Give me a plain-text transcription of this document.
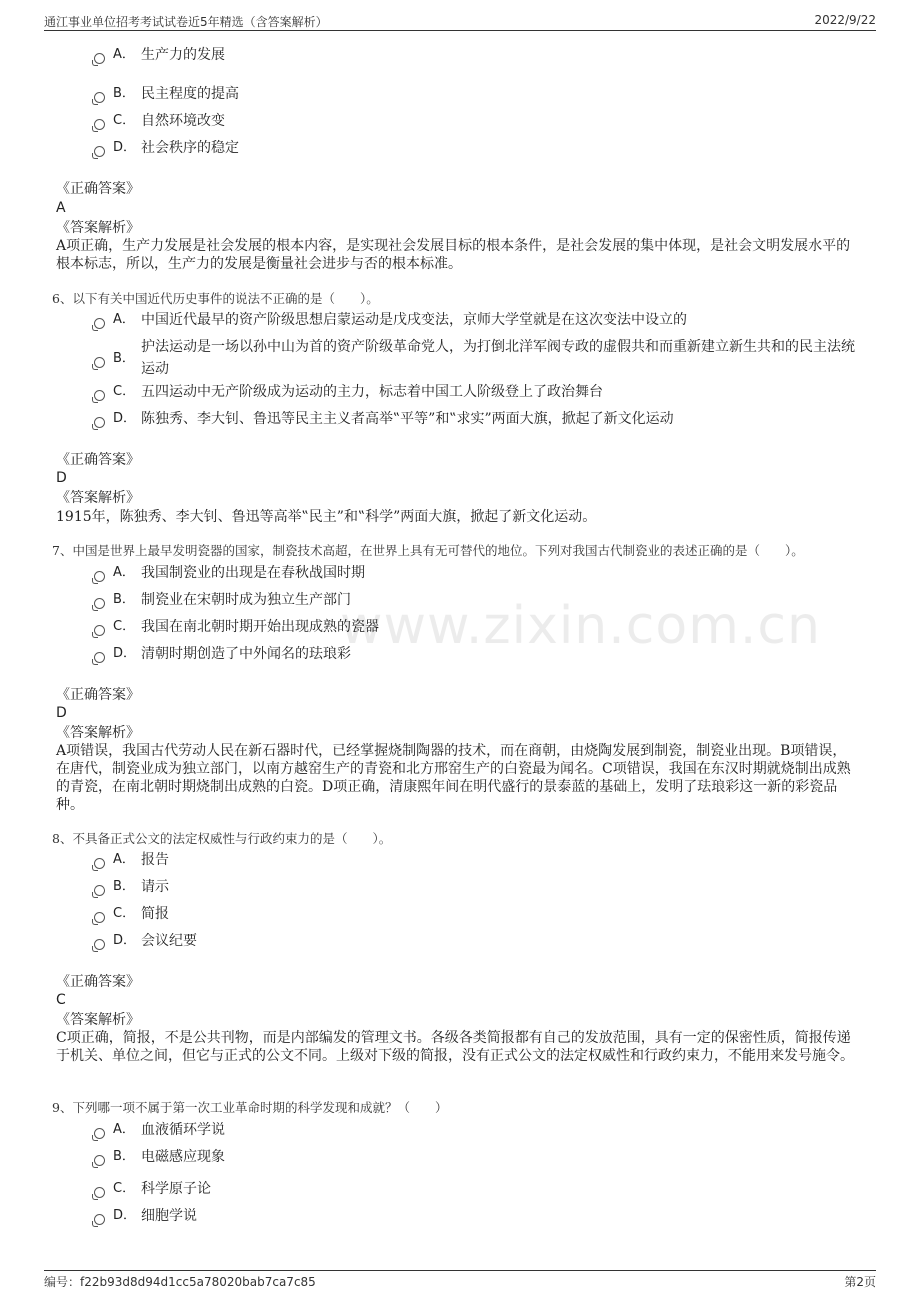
通江事业单位招考考试试卷近5年精选（含答案解析）	2022/9/22
www.zixin.com.cn
A． 生产力的发展
B． 民主程度的提高
C． 自然环境改变
D． 社会秩序的稳定
《正确答案》
A
《答案解析》
A项正确，生产力发展是社会发展的根本内容，是实现社会发展目标的根本条件，是社会发展的集中体现，是社会文明发展水平的根本标志，所以，生产力的发展是衡量社会进步与否的根本标准。
6、以下有关中国近代历史事件的说法不正确的是（　　）。
A． 中国近代最早的资产阶级思想启蒙运动是戊戌变法，京师大学堂就是在这次变法中设立的
B．
护法运动是一场以孙中山为首的资产阶级革命党人，为打倒北洋军阀专政的虚假共和而重新建立新生共和的民主法统运动
C． 五四运动中无产阶级成为运动的主力，标志着中国工人阶级登上了政治舞台
D． 陈独秀、李大钊、鲁迅等民主主义者高举‟平等”和‟求实”两面大旗，掀起了新文化运动
《正确答案》
D
《答案解析》
1915年，陈独秀、李大钊、鲁迅等高举‟民主”和‟科学”两面大旗，掀起了新文化运动。
7、中国是世界上最早发明瓷器的国家，制瓷技术高超，在世界上具有无可替代的地位。下列对我国古代制瓷业的表述正确的是（　　）。
A． 我国制瓷业的出现是在春秋战国时期
B． 制瓷业在宋朝时成为独立生产部门
C． 我国在南北朝时期开始出现成熟的瓷器
D． 清朝时期创造了中外闻名的珐琅彩
《正确答案》
D
《答案解析》
A项错误，我国古代劳动人民在新石器时代，已经掌握烧制陶器的技术，而在商朝，由烧陶发展到制瓷，制瓷业出现。B项错误，在唐代，制瓷业成为独立部门，以南方越窑生产的青瓷和北方邢窑生产的白瓷最为闻名。C项错误，我国在东汉时期就烧制出成熟的青瓷，在南北朝时期烧制出成熟的白瓷。D项正确，清康熙年间在明代盛行的景泰蓝的基础上，发明了珐琅彩这一新的彩瓷品种。
8、不具备正式公文的法定权威性与行政约束力的是（　　）。
A． 报告
B． 请示
C． 简报
D． 会议纪要
《正确答案》
C
《答案解析》
C项正确，简报，不是公共刊物，而是内部编发的管理文书。各级各类简报都有自己的发放范围，具有一定的保密性质，简报传递于机关、单位之间，但它与正式的公文不同。上级对下级的简报，没有正式公文的法定权威性和行政约束力，不能用来发号施令。
9、下列哪一项不属于第一次工业革命时期的科学发现和成就？（　　）
A． 血液循环学说
B． 电磁感应现象
C． 科学原子论
D． 细胞学说
编号：f22b93d8d94d1cc5a78020bab7ca7c85	第2页
